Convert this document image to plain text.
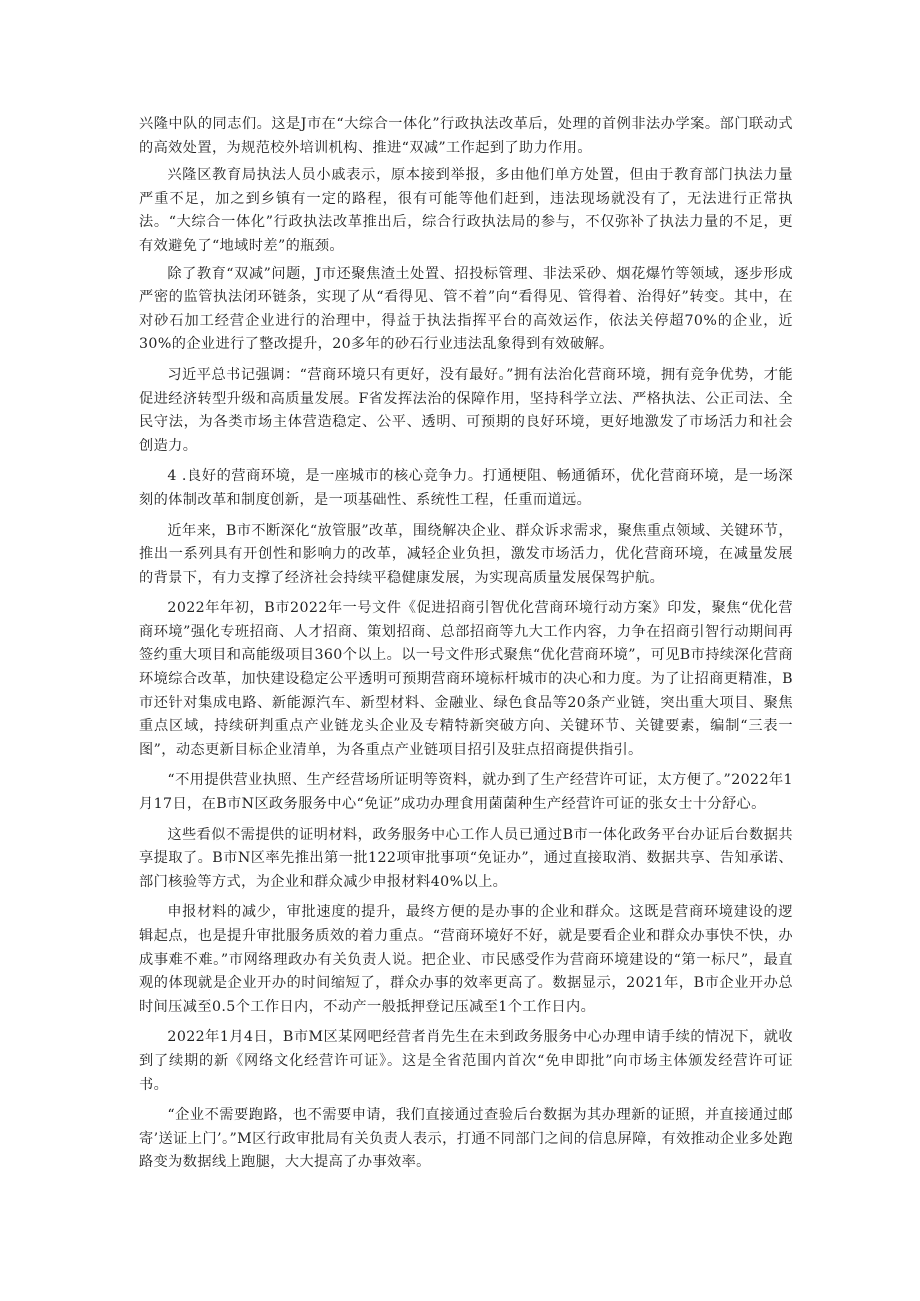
兴隆中队的同志们。这是J市在“大综合一体化”行政执法改革后，处理的首例非法办学案。部门联动式的高效处置，为规范校外培训机构、推进“双减”工作起到了助力作用。

兴隆区教育局执法人员小戚表示，原本接到举报，多由他们单方处置，但由于教育部门执法力量严重不足，加之到乡镇有一定的路程，很有可能等他们赶到，违法现场就没有了，无法进行正常执法。“大综合一体化”行政执法改革推出后，综合行政执法局的参与，不仅弥补了执法力量的不足，更有效避免了“地域时差”的瓶颈。

除了教育“双减”问题，J市还聚焦渣土处置、招投标管理、非法采砂、烟花爆竹等领域，逐步形成严密的监管执法闭环链条，实现了从“看得见、管不着”向“看得见、管得着、治得好”转变。其中，在对砂石加工经营企业进行的治理中，得益于执法指挥平台的高效运作，依法关停超70%的企业，近30%的企业进行了整改提升，20多年的砂石行业违法乱象得到有效破解。

习近平总书记强调：“营商环境只有更好，没有最好。”拥有法治化营商环境，拥有竞争优势，才能促进经济转型升级和高质量发展。F省发挥法治的保障作用，坚持科学立法、严格执法、公正司法、全民守法，为各类市场主体营造稳定、公平、透明、可预期的良好环境，更好地激发了市场活力和社会创造力。

4 .良好的营商环境，是一座城市的核心竞争力。打通梗阻、畅通循环，优化营商环境，是一场深刻的体制改革和制度创新，是一项基础性、系统性工程，任重而道远。

近年来，B市不断深化“放管服”改革，围绕解决企业、群众诉求需求，聚焦重点领域、关键环节，推出一系列具有开创性和影响力的改革，减轻企业负担，激发市场活力，优化营商环境，在减量发展的背景下，有力支撑了经济社会持续平稳健康发展，为实现高质量发展保驾护航。

2022年年初，B市2022年一号文件《促进招商引智优化营商环境行动方案》印发，聚焦“优化营商环境”强化专班招商、人才招商、策划招商、总部招商等九大工作内容，力争在招商引智行动期间再签约重大项目和高能级项目360个以上。以一号文件形式聚焦“优化营商环境”，可见B市持续深化营商环境综合改革，加快建设稳定公平透明可预期营商环境标杆城市的决心和力度。为了让招商更精准，B市还针对集成电路、新能源汽车、新型材料、金融业、绿色食品等20条产业链，突出重大项目、聚焦重点区域，持续研判重点产业链龙头企业及专精特新突破方向、关键环节、关键要素，编制“三表一图”，动态更新目标企业清单，为各重点产业链项目招引及驻点招商提供指引。

“不用提供营业执照、生产经营场所证明等资料，就办到了生产经营许可证，太方便了。”2022年1月17日，在B市N区政务服务中心“免证”成功办理食用菌菌种生产经营许可证的张女士十分舒心。

这些看似不需提供的证明材料，政务服务中心工作人员已通过B市一体化政务平台办证后台数据共享提取了。B市N区率先推出第一批122项审批事项“免证办”，通过直接取消、数据共享、告知承诺、部门核验等方式，为企业和群众减少申报材料40%以上。

申报材料的减少，审批速度的提升，最终方便的是办事的企业和群众。这既是营商环境建设的逻辑起点，也是提升审批服务质效的着力重点。“营商环境好不好，就是要看企业和群众办事快不快，办成事难不难。”市网络理政办有关负责人说。把企业、市民感受作为营商环境建设的“第一标尺”，最直观的体现就是企业开办的时间缩短了，群众办事的效率更高了。数据显示，2021年，B市企业开办总时间压减至0.5个工作日内，不动产一般抵押登记压减至1个工作日内。

2022年1月4日，B市M区某网吧经营者肖先生在未到政务服务中心办理申请手续的情况下，就收到了续期的新《网络文化经营许可证》。这是全省范围内首次“免申即批”向市场主体颁发经营许可证书。

“企业不需要跑路，也不需要申请，我们直接通过查验后台数据为其办理新的证照，并直接通过邮寄’送证上门’。”M区行政审批局有关负责人表示，打通不同部门之间的信息屏障，有效推动企业多处跑路变为数据线上跑腿，大大提高了办事效率。
